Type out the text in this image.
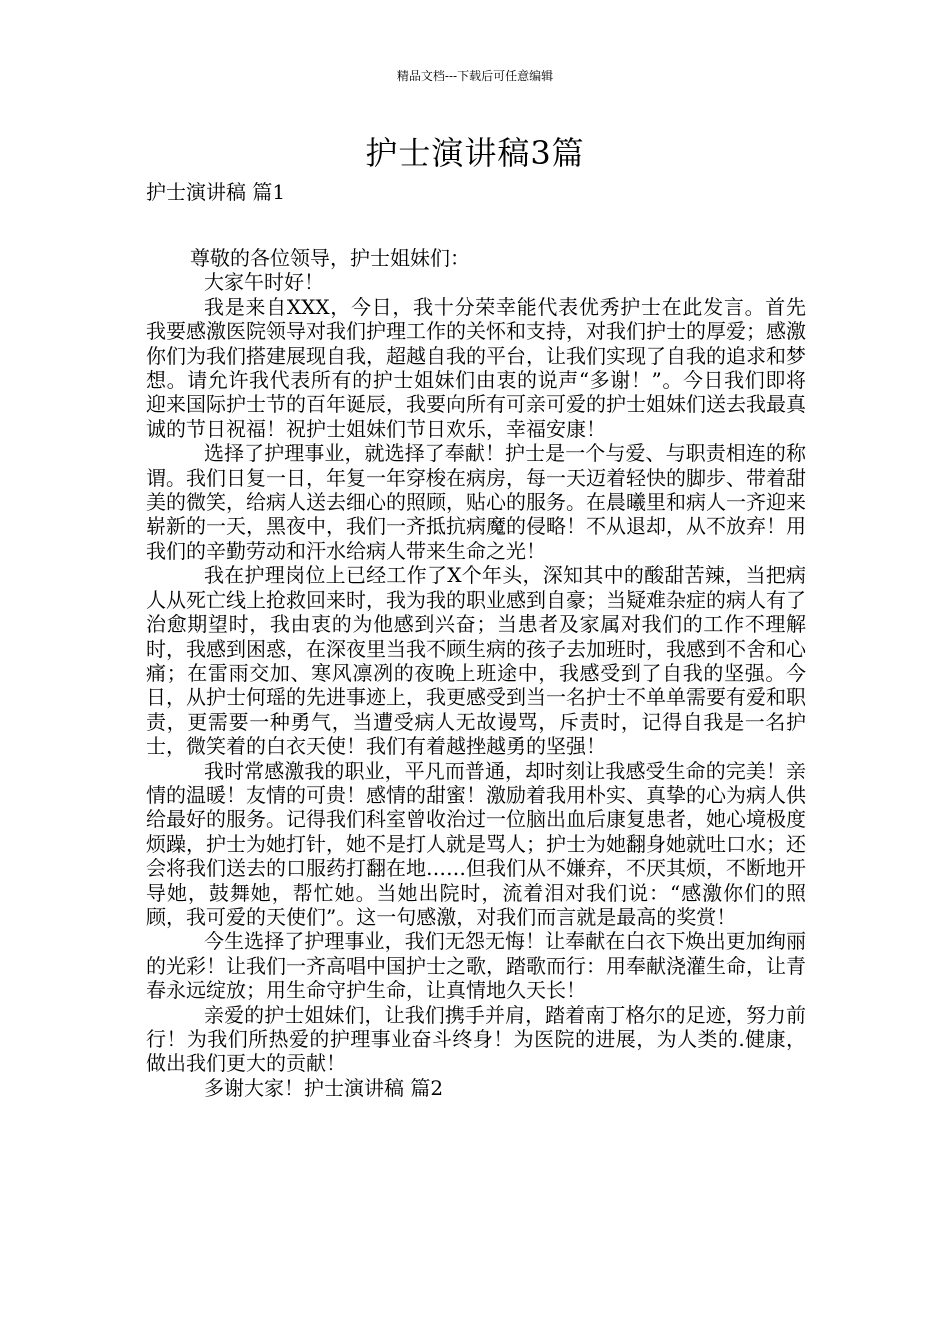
精品文档---下载后可任意编辑
护士演讲稿3篇
护士演讲稿 篇1

尊敬的各位领导，护士姐妹们：

大家午时好！

我是来自XXX，今日，我十分荣幸能代表优秀护士在此发言。首先我要感激医院领导对我们护理工作的关怀和支持，对我们护士的厚爱；感激你们为我们搭建展现自我，超越自我的平台，让我们实现了自我的追求和梦想。请允许我代表所有的护士姐妹们由衷的说声“多谢！”。今日我们即将迎来国际护士节的百年诞辰，我要向所有可亲可爱的护士姐妹们送去我最真诚的节日祝福！祝护士姐妹们节日欢乐，幸福安康！

选择了护理事业，就选择了奉献！护士是一个与爱、与职责相连的称谓。我们日复一日，年复一年穿梭在病房，每一天迈着轻快的脚步、带着甜美的微笑，给病人送去细心的照顾，贴心的服务。在晨曦里和病人一齐迎来崭新的一天，黑夜中，我们一齐抵抗病魔的侵略！不从退却，从不放弃！用我们的辛勤劳动和汗水给病人带来生命之光！

我在护理岗位上已经工作了X个年头，深知其中的酸甜苦辣，当把病人从死亡线上抢救回来时，我为我的职业感到自豪；当疑难杂症的病人有了治愈期望时，我由衷的为他感到兴奋；当患者及家属对我们的工作不理解时，我感到困惑，在深夜里当我不顾生病的孩子去加班时，我感到不舍和心痛；在雷雨交加、寒风凛冽的夜晚上班途中，我感受到了自我的坚强。今日，从护士何瑶的先进事迹上，我更感受到当一名护士不单单需要有爱和职责，更需要一种勇气，当遭受病人无故谩骂，斥责时，记得自我是一名护士，微笑着的白衣天使！我们有着越挫越勇的坚强！

我时常感激我的职业，平凡而普通，却时刻让我感受生命的完美！亲情的温暖！友情的可贵！感情的甜蜜！激励着我用朴实、真挚的心为病人供给最好的服务。记得我们科室曾收治过一位脑出血后康复患者，她心境极度烦躁，护士为她打针，她不是打人就是骂人；护士为她翻身她就吐口水；还会将我们送去的口服药打翻在地……但我们从不嫌弃，不厌其烦，不断地开导她，鼓舞她，帮忙她。当她出院时，流着泪对我们说：“感激你们的照顾，我可爱的天使们”。这一句感激，对我们而言就是最高的奖赏！

今生选择了护理事业，我们无怨无悔！让奉献在白衣下焕出更加绚丽的光彩！让我们一齐高唱中国护士之歌，踏歌而行：用奉献浇灌生命，让青春永远绽放；用生命守护生命，让真情地久天长！

亲爱的护士姐妹们，让我们携手并肩，踏着南丁格尔的足迹，努力前行！为我们所热爱的护理事业奋斗终身！为医院的进展，为人类的.健康，做出我们更大的贡献！

多谢大家！护士演讲稿 篇2
